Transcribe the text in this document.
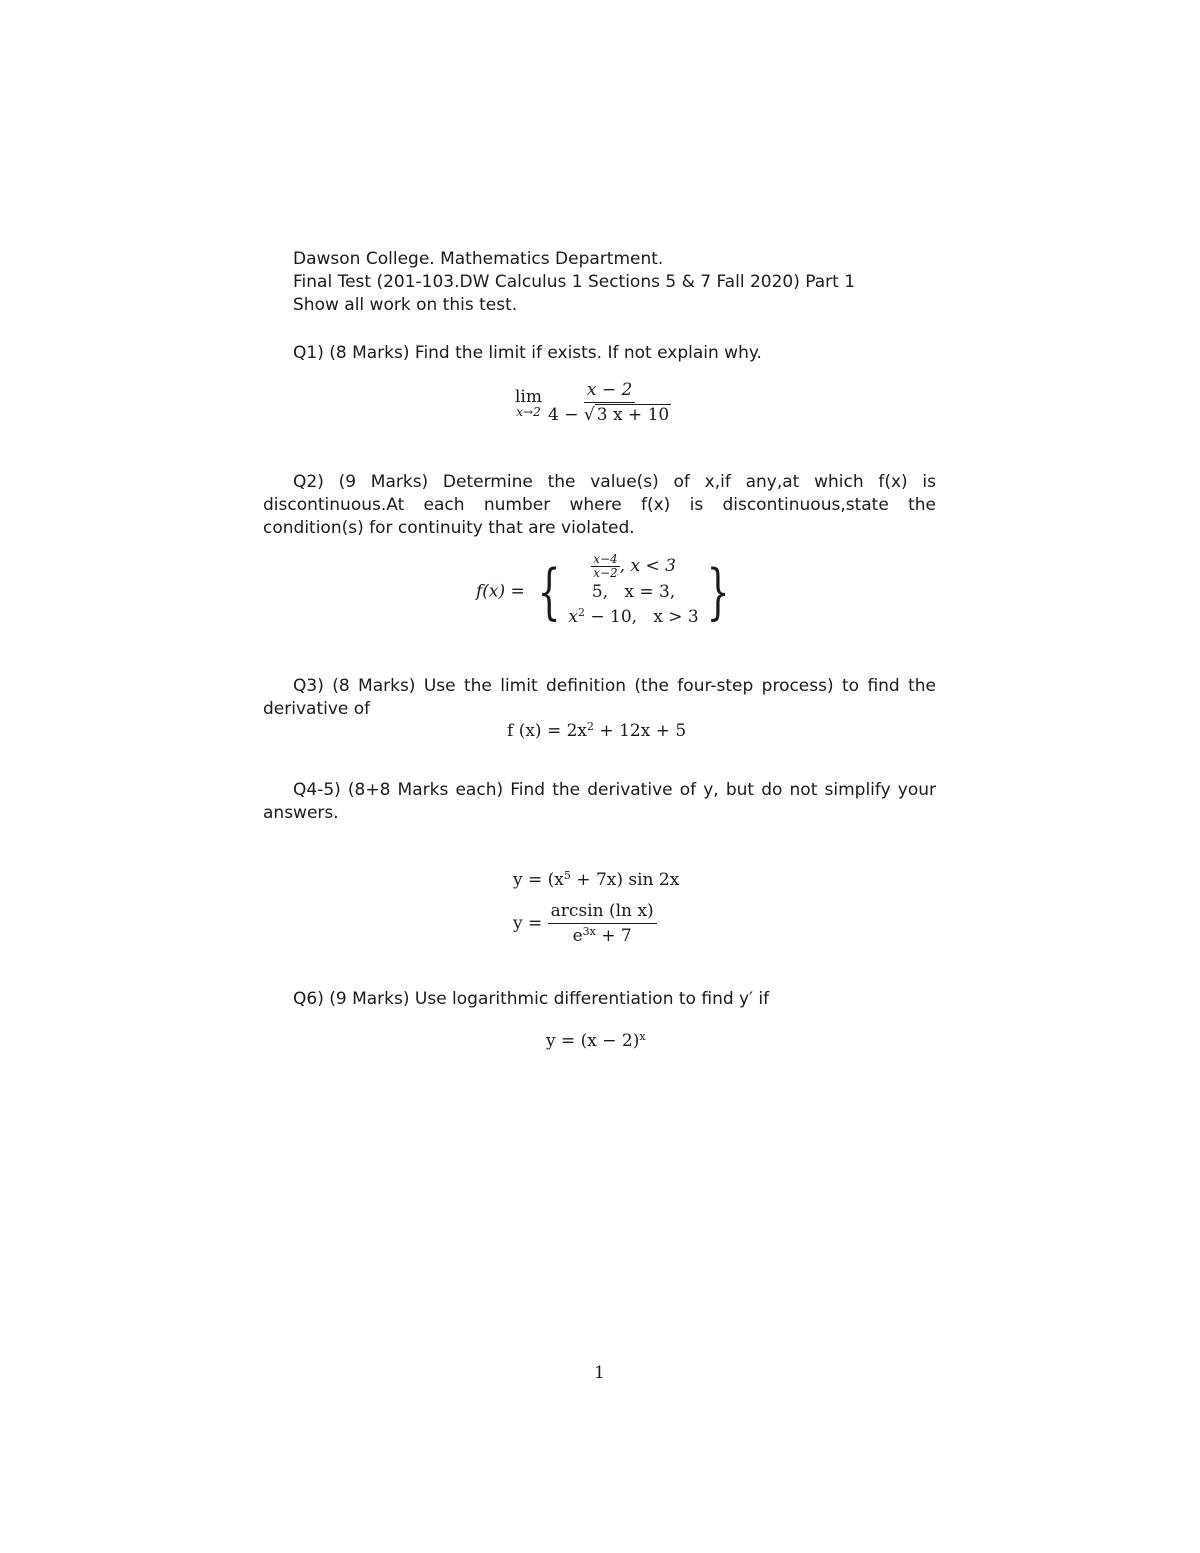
Dawson College. Mathematics Department.
Final Test (201-103.DW Calculus 1 Sections 5 & 7 Fall 2020) Part 1
Show all work on this test.
Q1) (8 Marks) Find the limit if exists. If not explain why.
lim
$x\to 2 \frac{x - 2}{4 - √ 3 x + 10}$
Q2) (9 Marks) Determine the value(s) of x,if any,at which f(x) is discontinuous.At each number where f(x) is discontinuous,state the condition(s) for continuity that are violated.
f(x) = {	$\frac{x-4}{x-2}$ , x < 3
5,   x = 3,
$x^2 - 10$,   x > 3 }
Q3) (8 Marks) Use the limit definition (the four-step process) to find the derivative of
f $(x) = 2x^2 + 12x + 5$
Q4-5) (8+8 Marks each) Find the derivative of y, but do not simplify your answers.
$y = (x^5 + 7x)$ sin 2x
$y = \frac{\text{arcsin (ln x)}}{e^{3x} + 7}$
Q6) (9 Marks) Use logarithmic differentiation to find y′ if
$y = (x - 2)^x$
1
